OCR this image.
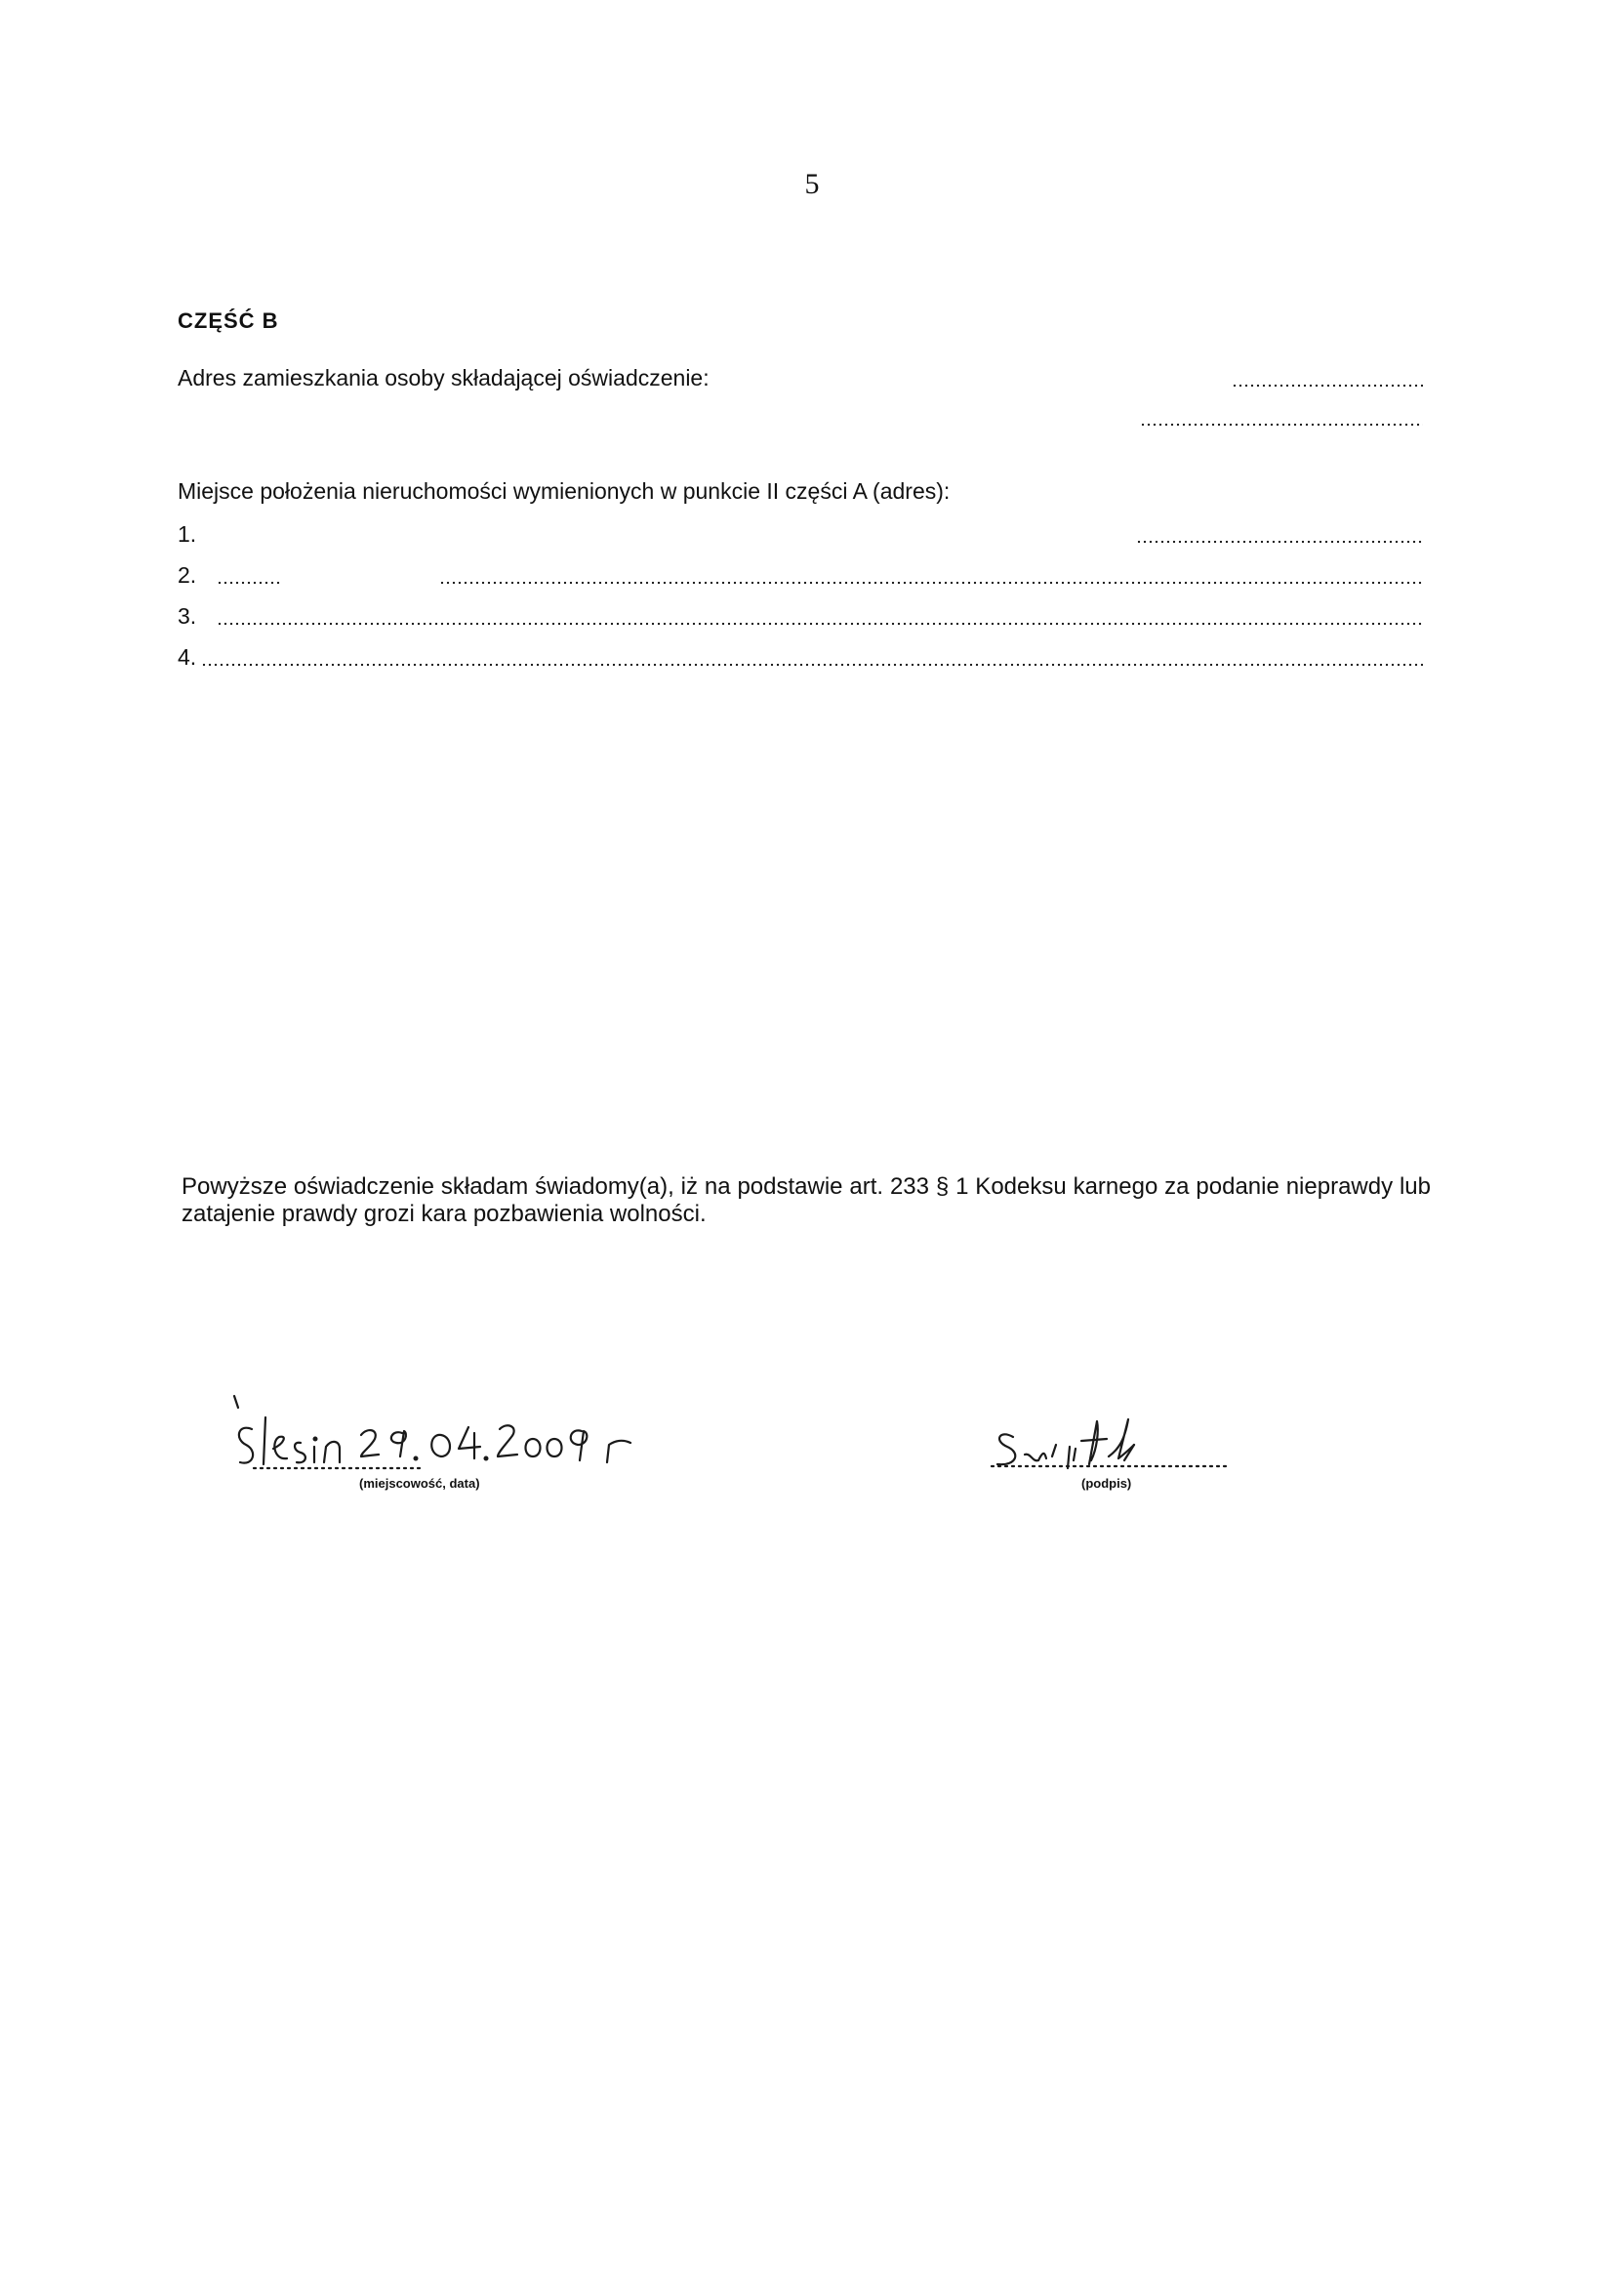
5
CZĘŚĆ B
Adres zamieszkania osoby składającej oświadczenie:
Miejsce położenia nieruchomości wymienionych w punkcie II części A (adres):
1.
2.
3.
4.
Powyższe oświadczenie składam świadomy(a), iż na podstawie art. 233 § 1 Kodeksu karnego za podanie nieprawdy lub zatajenie prawdy grozi kara pozbawienia wolności.
(miejscowość, data)	(podpis)
